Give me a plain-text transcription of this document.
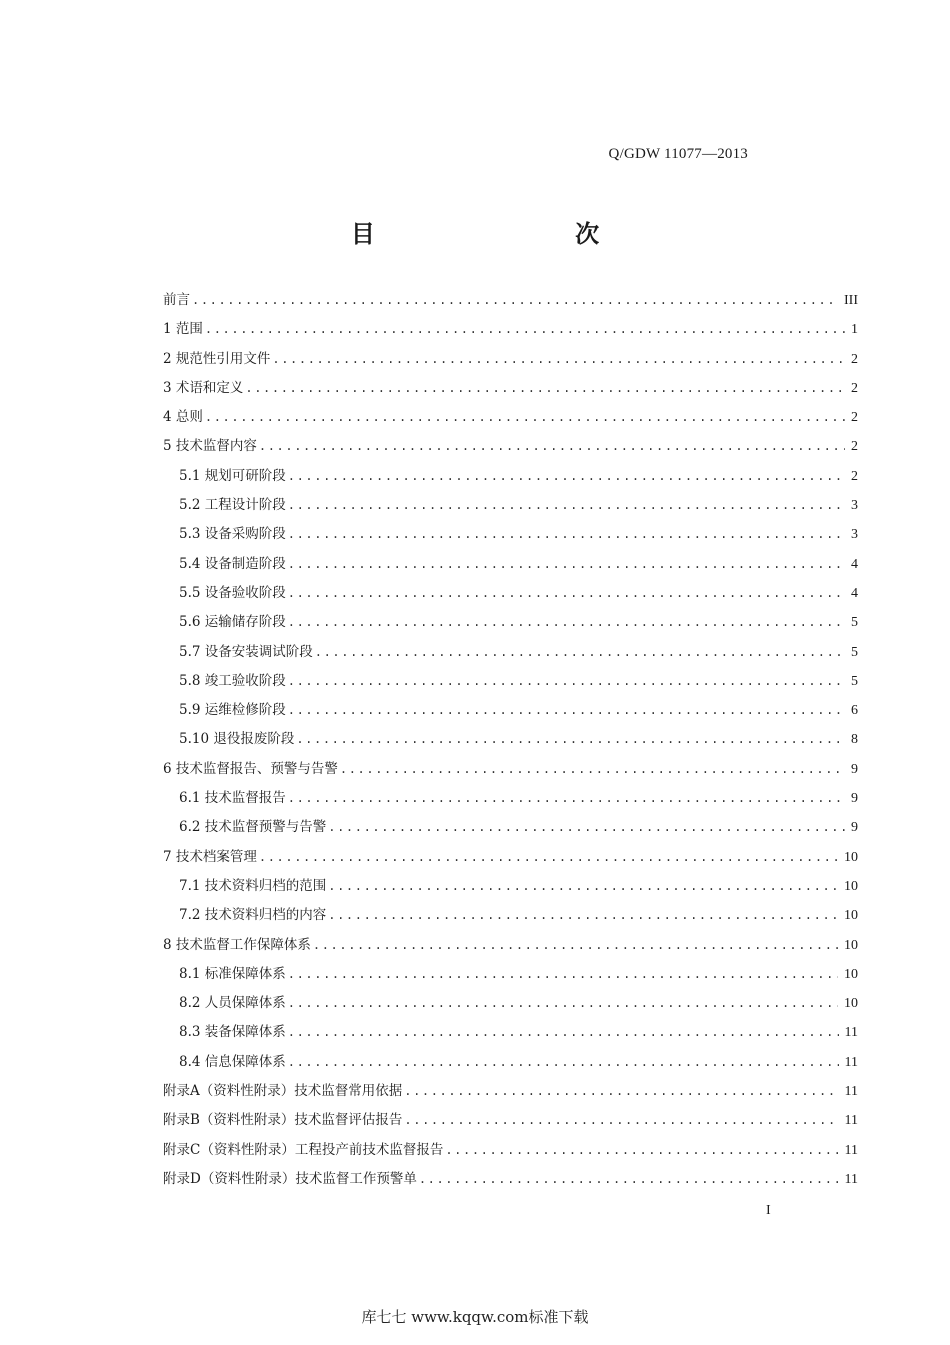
Q/GDW 11077—2013
目 次
前言 .....	III
1 范围 .....	1
2 规范性引用文件 .....	2
3 术语和定义 .....	2
4 总则 .....	2
5 技术监督内容 .....	2
5.1 规划可研阶段 .....	2
5.2 工程设计阶段 .....	3
5.3 设备采购阶段 .....	3
5.4 设备制造阶段 .....	4
5.5 设备验收阶段 .....	4
5.6 运输储存阶段 .....	5
5.7 设备安装调试阶段 .....	5
5.8 竣工验收阶段 .....	5
5.9 运维检修阶段 .....	6
5.10 退役报废阶段 .....	8
6 技术监督报告、预警与告警 .....	9
6.1 技术监督报告 .....	9
6.2 技术监督预警与告警 .....	9
7 技术档案管理 .....	10
7.1 技术资料归档的范围 .....	10
7.2 技术资料归档的内容 .....	10
8 技术监督工作保障体系 .....	10
8.1 标准保障体系 .....	10
8.2 人员保障体系 .....	10
8.3 装备保障体系 .....	11
8.4 信息保障体系 .....	11
附录A（资料性附录）技术监督常用依据 .....	11
附录B（资料性附录）技术监督评估报告 .....	11
附录C（资料性附录）工程投产前技术监督报告 .....	11
附录D（资料性附录）技术监督工作预警单 .....	11
I
库七七 www.kqqw.com标准下载
